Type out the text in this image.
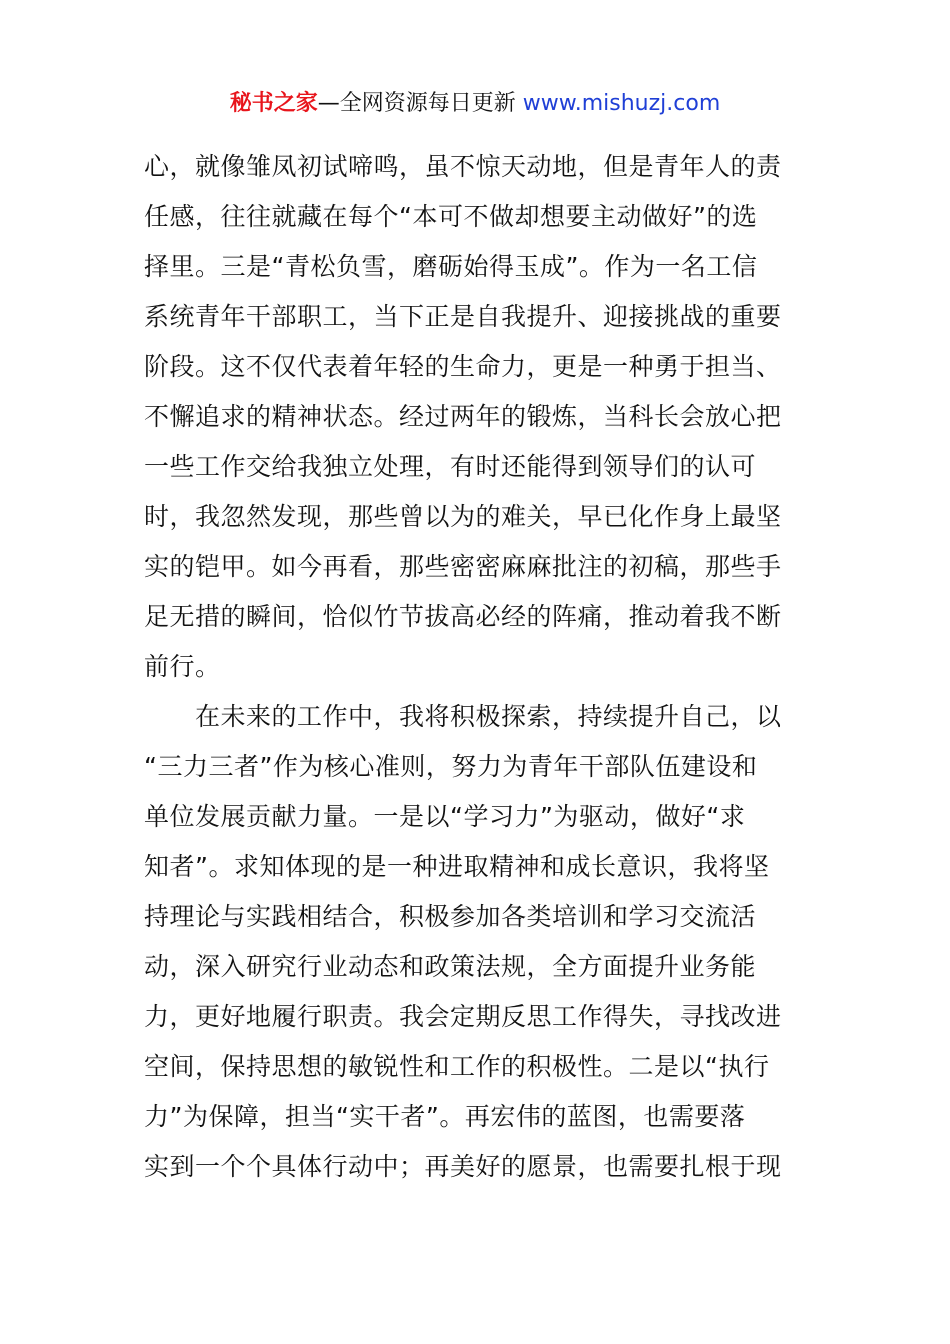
秘书之家—全网资源每日更新 www.mishuzj.com
心，就像雏凤初试啼鸣，虽不惊天动地，但是青年人的责
任感，往往就藏在每个“本可不做却想要主动做好”的选
择里。三是“青松负雪，磨砺始得玉成”。作为一名工信
系统青年干部职工，当下正是自我提升、迎接挑战的重要
阶段。这不仅代表着年轻的生命力，更是一种勇于担当、
不懈追求的精神状态。经过两年的锻炼，当科长会放心把
一些工作交给我独立处理，有时还能得到领导们的认可
时，我忽然发现，那些曾以为的难关，早已化作身上最坚
实的铠甲。如今再看，那些密密麻麻批注的初稿，那些手
足无措的瞬间，恰似竹节拔高必经的阵痛，推动着我不断
前行。
　　在未来的工作中，我将积极探索，持续提升自己，以
“三力三者”作为核心准则，努力为青年干部队伍建设和
单位发展贡献力量。一是以“学习力”为驱动，做好“求
知者”。求知体现的是一种进取精神和成长意识，我将坚
持理论与实践相结合，积极参加各类培训和学习交流活
动，深入研究行业动态和政策法规，全方面提升业务能
力，更好地履行职责。我会定期反思工作得失，寻找改进
空间，保持思想的敏锐性和工作的积极性。二是以“执行
力”为保障，担当“实干者”。再宏伟的蓝图，也需要落
实到一个个具体行动中；再美好的愿景，也需要扎根于现
